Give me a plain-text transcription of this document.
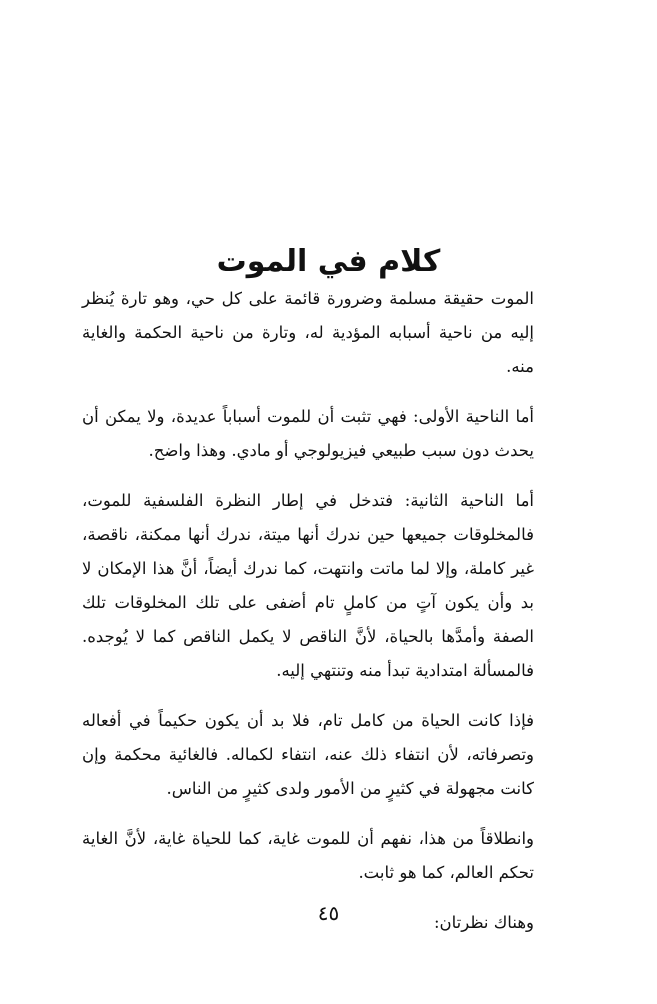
كلام في الموت

الموت حقيقة مسلمة وضرورة قائمة على كل حي، وهو تارة يُنظر إليه من ناحية أسبابه المؤدية له، وتارة من ناحية الحكمة والغاية منه.

أما الناحية الأولى: فهي تثبت أن للموت أسباباً عديدة، ولا يمكن أن يحدث دون سبب طبيعي فيزيولوجي أو مادي. وهذا واضح.

أما الناحية الثانية: فتدخل في إطار النظرة الفلسفية للموت، فالمخلوقات جميعها حين ندرك أنها ميتة، ندرك أنها ممكنة، ناقصة، غير كاملة، وإلا لما ماتت وانتهت، كما ندرك أيضاً، أنَّ هذا الإمكان لا بد وأن يكون آتٍ من كاملٍ تام أضفى على تلك المخلوقات تلك الصفة وأمدَّها بالحياة، لأنَّ الناقص لا يكمل الناقص كما لا يُوجده. فالمسألة امتدادية تبدأ منه وتنتهي إليه.

فإذا كانت الحياة من كامل تام، فلا بد أن يكون حكيماً في أفعاله وتصرفاته، لأن انتفاء ذلك عنه، انتفاء لكماله. فالغائية محكمة وإن كانت مجهولة في كثيرٍ من الأمور ولدى كثيرٍ من الناس.

وانطلاقاً من هذا، نفهم أن للموت غاية، كما للحياة غاية، لأنَّ الغاية تحكم العالم، كما هو ثابت.

وهناك نظرتان:

٤٥
